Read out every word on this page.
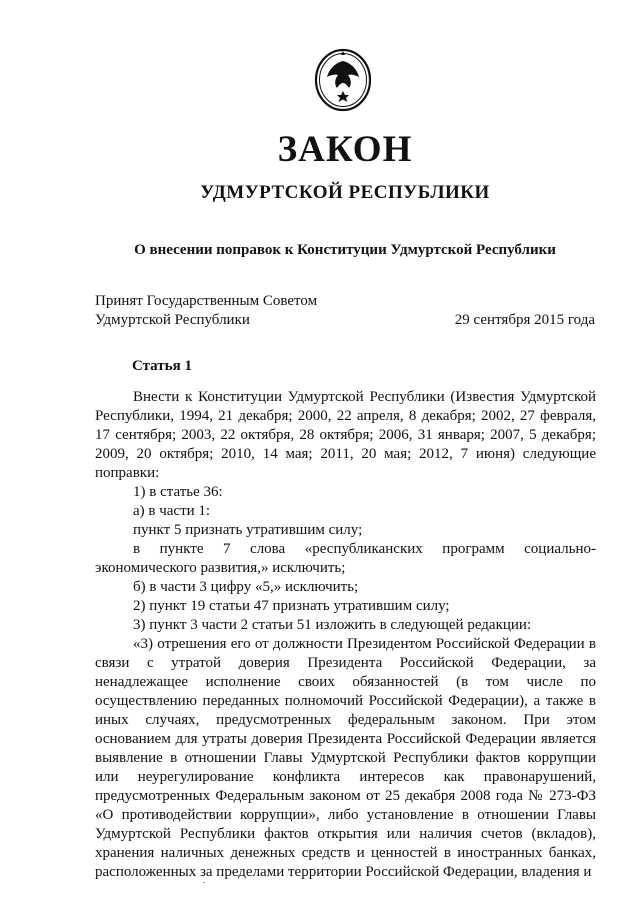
ЗАКОН
УДМУРТСКОЙ РЕСПУБЛИКИ
О внесении поправок к Конституции Удмуртской Республики
Принят Государственным Советом
Удмуртской Республики	29 сентября 2015 года
Статья 1

Внести к Конституции Удмуртской Республики (Известия Удмуртской Республики, 1994, 21 декабря; 2000, 22 апреля, 8 декабря; 2002, 27 февраля, 17 сентября; 2003, 22 октября, 28 октября; 2006, 31 января; 2007, 5 декабря; 2009, 20 октября; 2010, 14 мая; 2011, 20 мая; 2012, 7 июня) следующие поправки:

1) в статье 36:

а) в части 1:

пункт 5 признать утратившим силу;

в пункте 7 слова «республиканских программ социально-экономического развития,» исключить;

б) в части 3 цифру «5,» исключить;

2) пункт 19 статьи 47 признать утратившим силу;

3) пункт 3 части 2 статьи 51 изложить в следующей редакции:

«3) отрешения его от должности Президентом Российской Федерации в связи с утратой доверия Президента Российской Федерации, за ненадлежащее исполнение своих обязанностей (в том числе по осуществлению переданных полномочий Российской Федерации), а также в иных случаях, предусмотренных федеральным законом. При этом основанием для утраты доверия Президента Российской Федерации является выявление в отношении Главы Удмуртской Республики фактов коррупции или неурегулирование конфликта интересов как правонарушений, предусмотренных Федеральным законом от 25 декабря 2008 года № 273-ФЗ «О противодействии коррупции», либо установление в отношении Главы Удмуртской Республики фактов открытия или наличия счетов (вкладов), хранения наличных денежных средств и ценностей в иностранных банках, расположенных за пределами территории Российской Федерации, владения и
